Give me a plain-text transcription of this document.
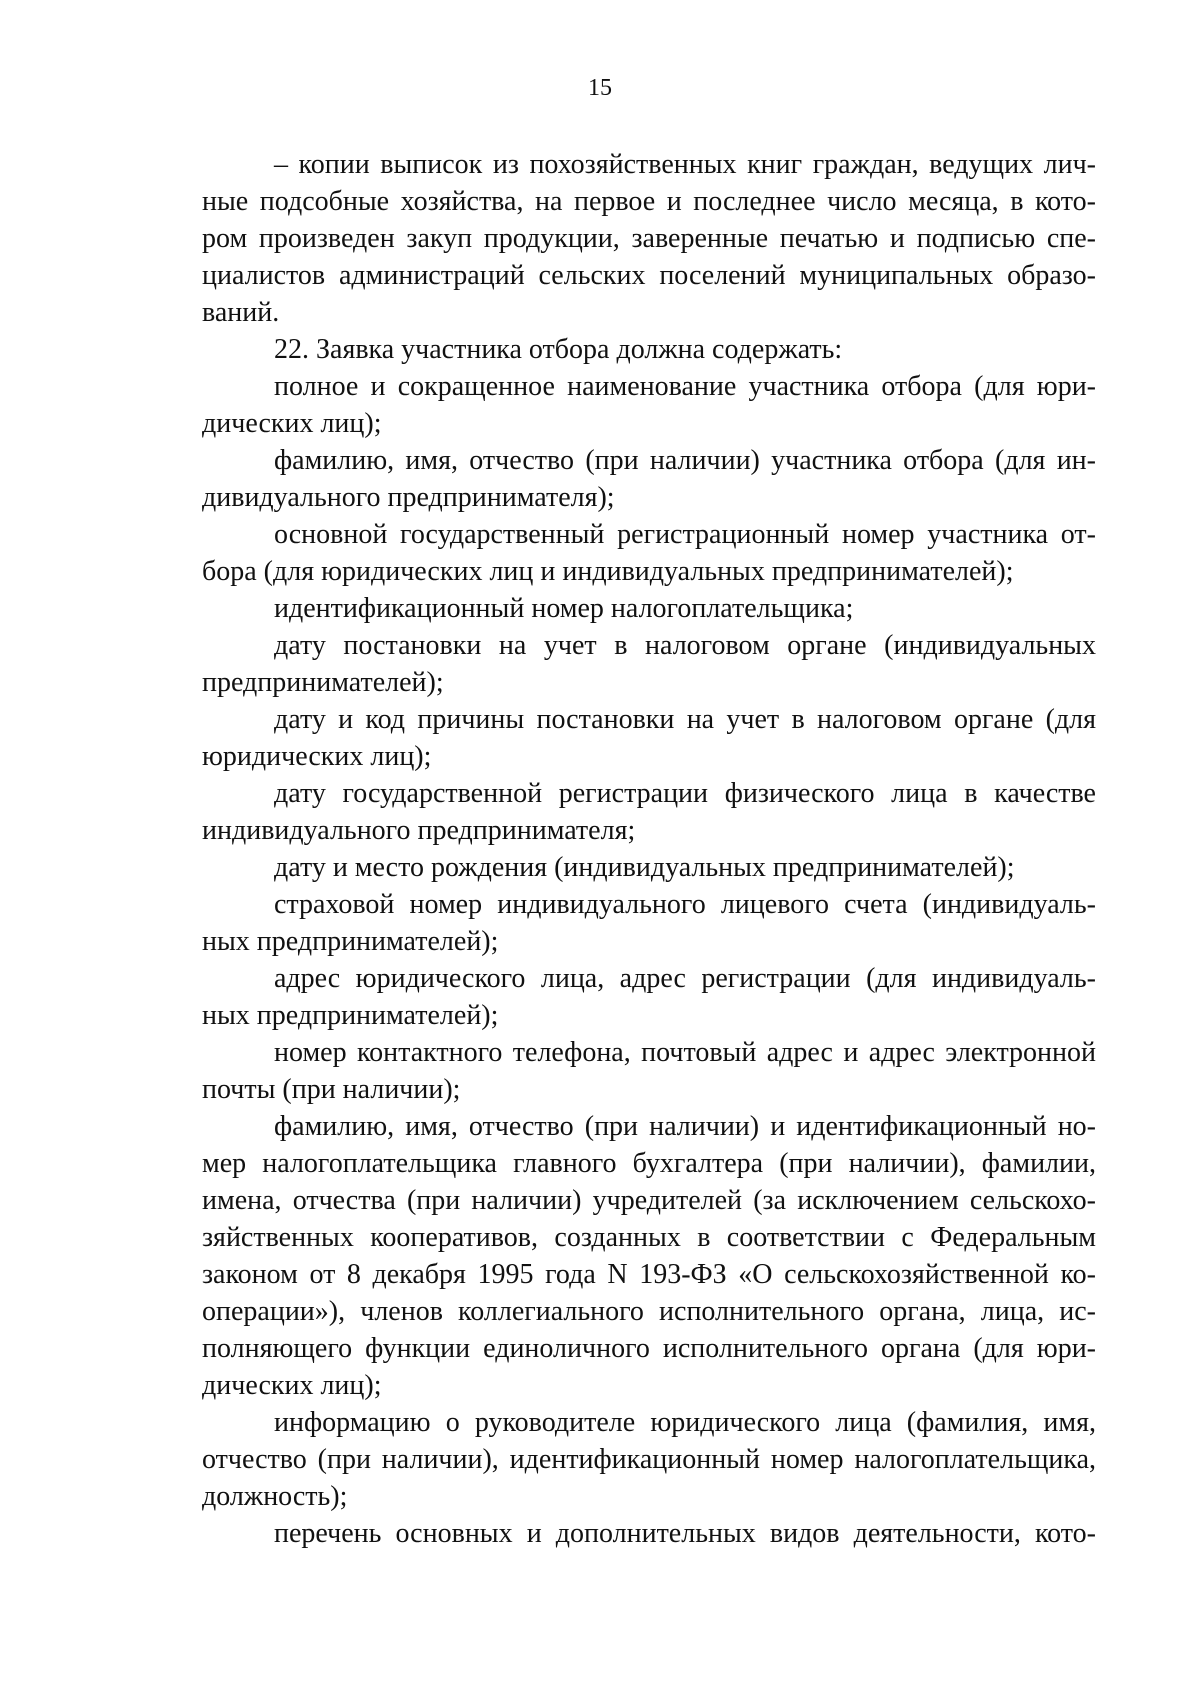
15
– копии выписок из похозяйственных книг граждан, ведущих лич-
ные подсобные хозяйства, на первое и последнее число месяца, в кото-
ром произведен закуп продукции, заверенные печатью и подписью спе-
циалистов администраций сельских поселений муниципальных образо-
ваний.
22. Заявка участника отбора должна содержать:
полное и сокращенное наименование участника отбора (для юри-
дических лиц);
фамилию, имя, отчество (при наличии) участника отбора (для ин-
дивидуального предпринимателя);
основной государственный регистрационный номер участника от-
бора (для юридических лиц и индивидуальных предпринимателей);
идентификационный номер налогоплательщика;
дату постановки на учет в налоговом органе (индивидуальных
предпринимателей);
дату и код причины постановки на учет в налоговом органе (для
юридических лиц);
дату государственной регистрации физического лица в качестве
индивидуального предпринимателя;
дату и место рождения (индивидуальных предпринимателей);
страховой номер индивидуального лицевого счета (индивидуаль-
ных предпринимателей);
адрес юридического лица, адрес регистрации (для индивидуаль-
ных предпринимателей);
номер контактного телефона, почтовый адрес и адрес электронной
почты (при наличии);
фамилию, имя, отчество (при наличии) и идентификационный но-
мер налогоплательщика главного бухгалтера (при наличии), фамилии,
имена, отчества (при наличии) учредителей (за исключением сельскохо-
зяйственных кооперативов, созданных в соответствии с Федеральным
законом от 8 декабря 1995 года N 193-ФЗ «О сельскохозяйственной ко-
операции»), членов коллегиального исполнительного органа, лица, ис-
полняющего функции единоличного исполнительного органа (для юри-
дических лиц);
информацию о руководителе юридического лица (фамилия, имя,
отчество (при наличии), идентификационный номер налогоплательщика,
должность);
перечень основных и дополнительных видов деятельности, кото-
